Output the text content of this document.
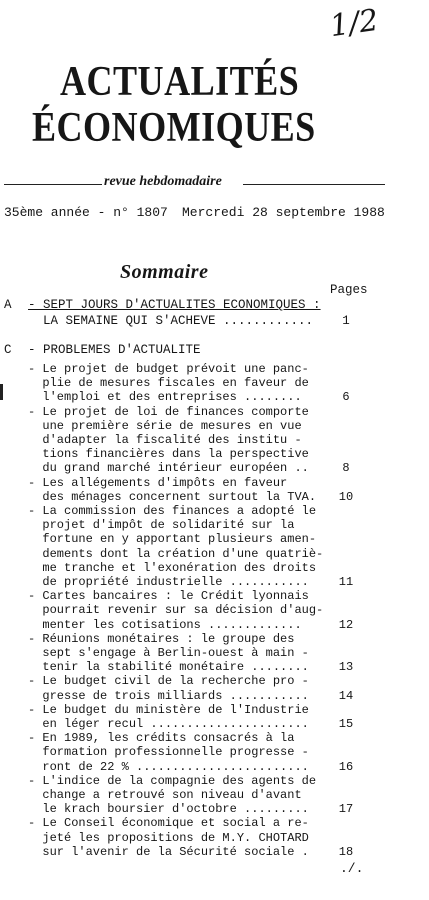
1/2
ACTUALITÉS
ÉCONOMIQUES
revue hebdomadaire
35ème année - n° 1807 Mercredi 28 septembre 1988
Sommaire
Pages
A - SEPT JOURS D'ACTUALITES ECONOMIQUES :
LA SEMAINE QUI S'ACHEVE ............	1
C - PROBLEMES D'ACTUALITE
./.
- Le projet de budget prévoit une panc-
plie de mesures fiscales en faveur de
l'emploi et des entreprises ........	6
- Le projet de loi de finances comporte
une première série de mesures en vue
d'adapter la fiscalité des institu -
tions financières dans la perspective
du grand marché intérieur européen ..	8
- Les allégements d'impôts en faveur
des ménages concernent surtout la TVA.	10
- La commission des finances a adopté le
projet d'impôt de solidarité sur la
fortune en y apportant plusieurs amen-
dements dont la création d'une quatriè-
me tranche et l'exonération des droits
de propriété industrielle ...........	11
- Cartes bancaires : le Crédit lyonnais
pourrait revenir sur sa décision d'aug-
menter les cotisations .............	12
- Réunions monétaires : le groupe des
sept s'engage à Berlin-ouest à main -
tenir la stabilité monétaire ........	13
- Le budget civil de la recherche pro -
gresse de trois milliards ...........	14
- Le budget du ministère de l'Industrie
en léger recul ......................	15
- En 1989, les crédits consacrés à la
formation professionnelle progresse -
ront de 22 % ........................	16
- L'indice de la compagnie des agents de
change a retrouvé son niveau d'avant
le krach boursier d'octobre .........	17
- Le Conseil économique et social a re-
jeté les propositions de M.Y. CHOTARD
sur l'avenir de la Sécurité sociale .	18
